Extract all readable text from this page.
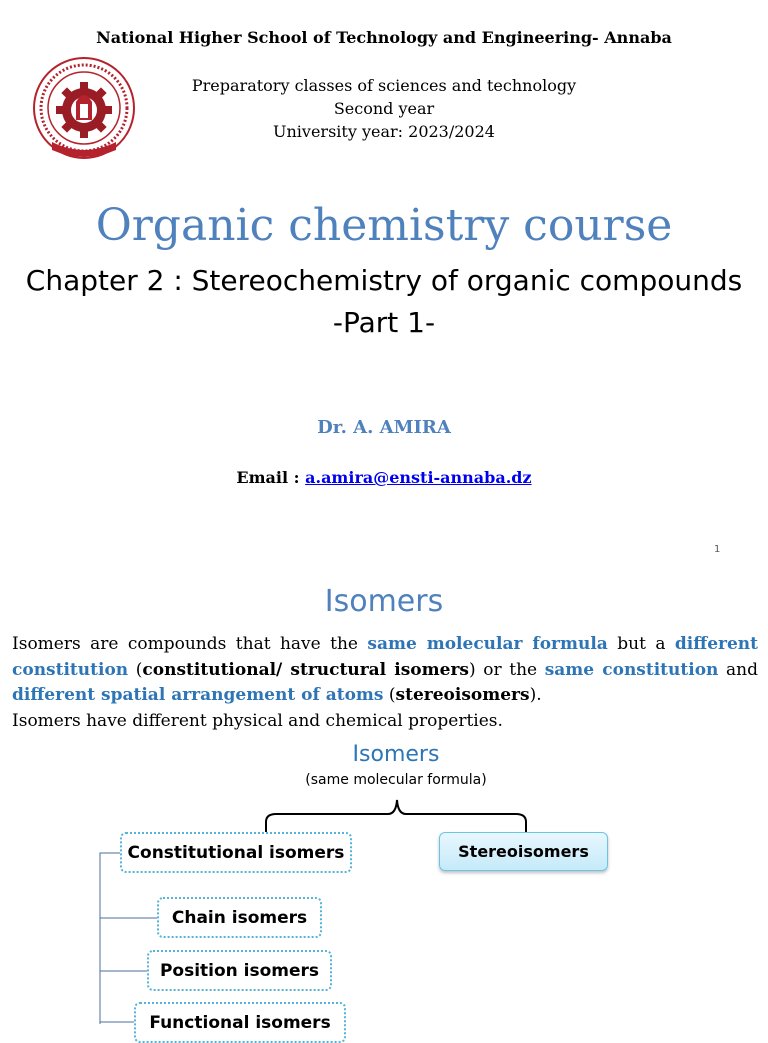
National Higher School of Technology and Engineering- Annaba
Preparatory classes of sciences and technology
Second year
University year: 2023/2024
Organic chemistry course
Chapter 2 : Stereochemistry of organic compounds
-Part 1-
Dr. A. AMIRA
Email : a.amira@ensti-annaba.dz
1
Isomers
Isomers are compounds that have the same molecular formula but a different constitution (constitutional/ structural isomers) or the same constitution and different spatial arrangement of atoms (stereoisomers).
Isomers have different physical and chemical properties.
Isomers
(same molecular formula)
Constitutional isomers	Stereoisomers
Chain isomers
Position isomers
Functional isomers
